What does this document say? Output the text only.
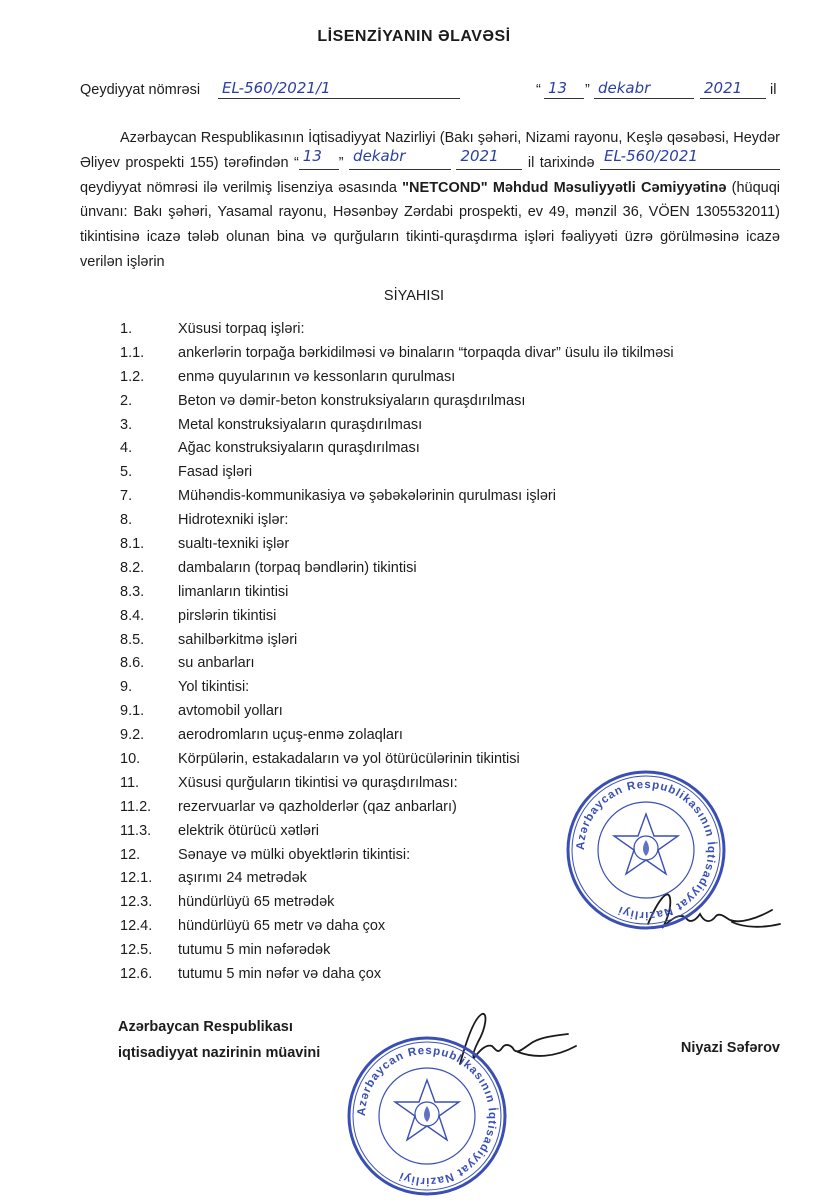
LİSENZİYANIN ƏLAVƏSİ
Qeydiyyat nömrəsi EL-560/2021/1	“ 13 ” dekabr	2021 il
Azərbaycan Respublikasının İqtisadiyyat Nazirliyi (Bakı şəhəri, Nizami rayonu, Keşlə qəsəbəsi, Heydər Əliyev prospekti 155) tərəfindən “ 13 ” dekabr
	2021 il tarixində EL-560/2021
qeydiyyat nömrəsi ilə verilmiş lisenziya əsasında "NETCOND" Məhdud Məsuliyyətli Cəmiyyətinə (hüquqi ünvanı: Bakı şəhəri, Yasamal rayonu, Həsənbəy Zərdabi prospekti, ev 49, mənzil 36, VÖEN 1305532011) tikintisinə icazə tələb olunan bina və qurğuların tikinti-quraşdırma işləri fəaliyyəti üzrə görülməsinə icazə verilən işlərin
SİYAHISI
1.	Xüsusi torpaq işləri:
1.1. ankerlərin torpağa bərkidilməsi və binaların “torpaqda divar” üsulu ilə tikilməsi
1.2. enmə quyularının və kessonların qurulması
2.	Beton və dəmir-beton konstruksiyaların quraşdırılması
3.	Metal konstruksiyaların quraşdırılması
4.	Ağac konstruksiyaların quraşdırılması
5.	Fasad işləri
7.	Mühəndis-kommunikasiya və şəbəkələrinin qurulması işləri
8.	Hidrotexniki işlər:
8.1. sualtı-texniki işlər
8.2. dambaların (torpaq bəndlərin) tikintisi
8.3. limanların tikintisi
8.4. pirslərin tikintisi
8.5. sahilbərkitmə işləri
8.6. su anbarları
9.	Yol tikintisi:
9.1. avtomobil yolları
9.2. aerodromların uçuş-enmə zolaqları
10.	Körpülərin, estakadaların və yol ötürücülərinin tikintisi
11.	Xüsusi qurğuların tikintisi və quraşdırılması:
11.2. rezervuarlar və qazholderlər (qaz anbarları)
11.3. elektrik ötürücü xətləri
12.	Sənaye və mülki obyektlərin tikintisi:
12.1. aşırımı 24 metrədək
12.3. hündürlüyü 65 metrədək
12.4. hündürlüyü 65 metr və daha çox
12.5. tutumu 5 min nəfərədək
12.6. tutumu 5 min nəfər və daha çox
Azərbaycan Respublikası
iqtisadiyyat nazirinin müavini	Niyazi Səfərov
Azərbaycan Respublikasının İqtisadiyyat Nazirliyi
Azərbaycan Respublikasının İqtisadiyyat Nazirliyi
